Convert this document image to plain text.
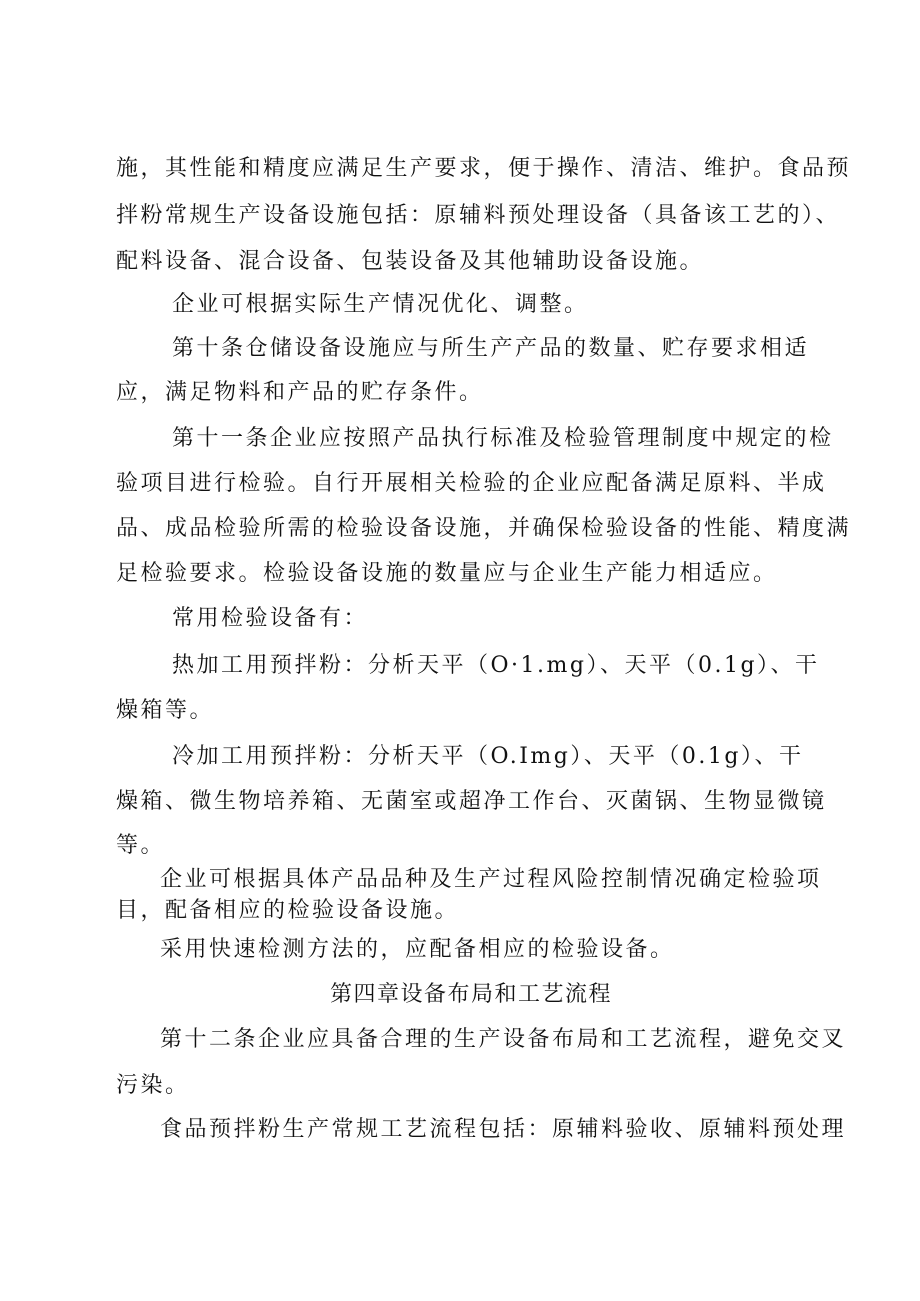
施，其性能和精度应满足生产要求，便于操作、清洁、维护。食品预
拌粉常规生产设备设施包括：原辅料预处理设备（具备该工艺的）、
配料设备、混合设备、包装设备及其他辅助设备设施。
企业可根据实际生产情况优化、调整。
第十条仓储设备设施应与所生产产品的数量、贮存要求相适
应，满足物料和产品的贮存条件。
第十一条企业应按照产品执行标准及检验管理制度中规定的检
验项目进行检验。自行开展相关检验的企业应配备满足原料、半成
品、成品检验所需的检验设备设施，并确保检验设备的性能、精度满
足检验要求。检验设备设施的数量应与企业生产能力相适应。
常用检验设备有：
热加工用预拌粉：分析天平（O·1.mg）、天平（0.1g）、干
燥箱等。
冷加工用预拌粉：分析天平（O.Img）、天平（0.1g）、干
燥箱、微生物培养箱、无菌室或超净工作台、灭菌锅、生物显微镜
等。
企业可根据具体产品品种及生产过程风险控制情况确定检验项
目，配备相应的检验设备设施。
采用快速检测方法的，应配备相应的检验设备。
第四章设备布局和工艺流程
第十二条企业应具备合理的生产设备布局和工艺流程，避免交叉
污染。
食品预拌粉生产常规工艺流程包括：原辅料验收、原辅料预处理
